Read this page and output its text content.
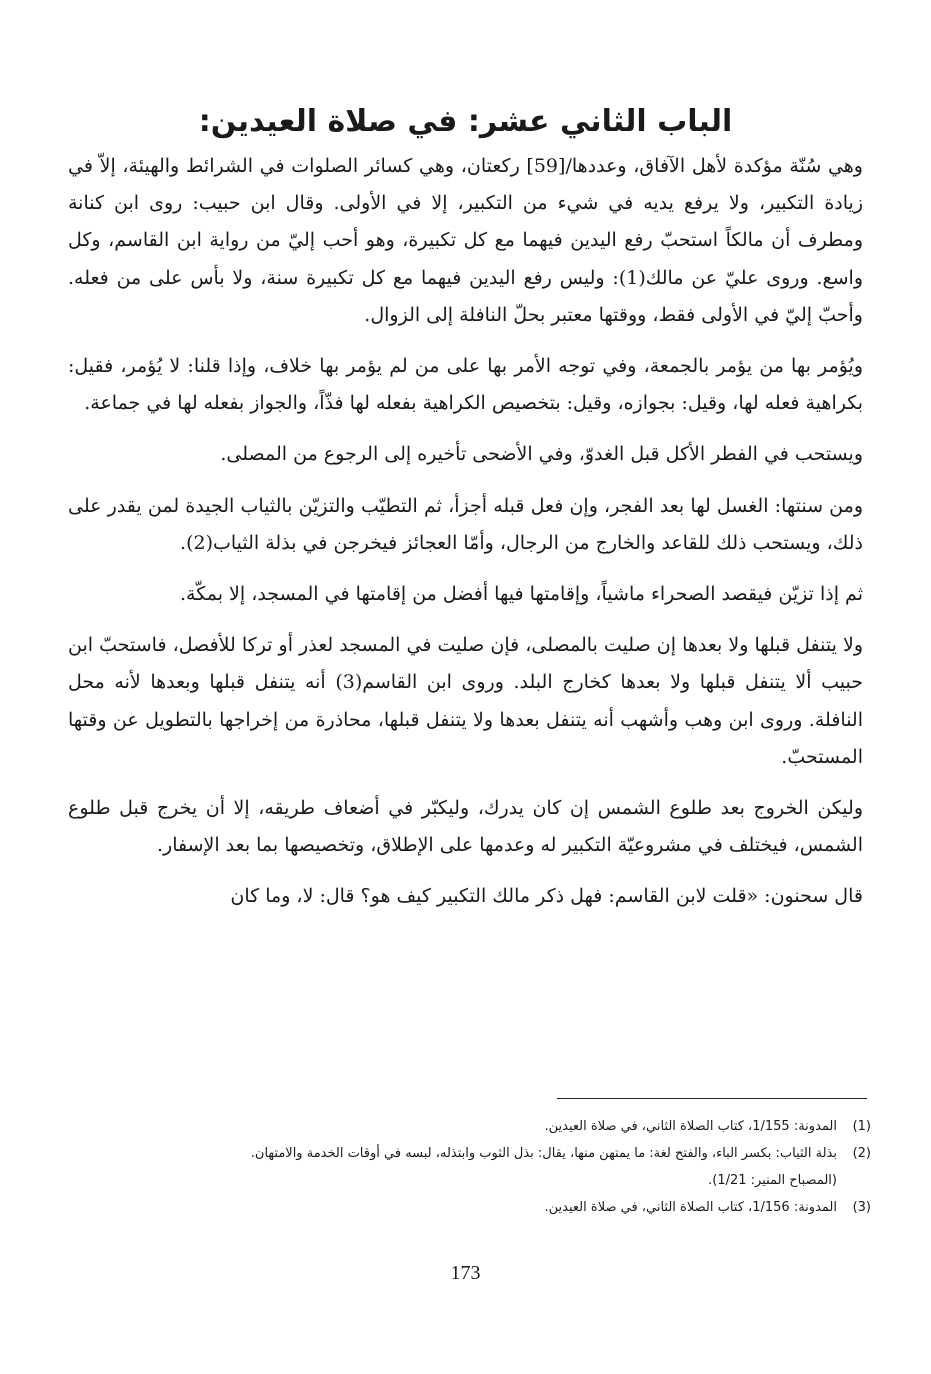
الباب الثاني عشر: في صلاة العيدين:

وهي سُنّة مؤكدة لأهل الآفاق، وعددها/[59] ركعتان، وهي كسائر الصلوات في الشرائط والهيئة، إلاّ في زيادة التكبير، ولا يرفع يديه في شيء من التكبير، إلا في الأولى. وقال ابن حبيب: روى ابن كنانة ومطرف أن مالكاً استحبّ رفع اليدين فيهما مع كل تكبيرة، وهو أحب إليّ من رواية ابن القاسم، وكل واسع. وروى عليّ عن مالك(1): وليس رفع اليدين فيهما مع كل تكبيرة سنة، ولا بأس على من فعله. وأحبّ إليّ في الأولى فقط، ووقتها معتبر بحلّ النافلة إلى الزوال.

ويُؤمر بها من يؤمر بالجمعة، وفي توجه الأمر بها على من لم يؤمر بها خلاف، وإذا قلنا: لا يُؤمر، فقيل: بكراهية فعله لها، وقيل: بجوازه، وقيل: بتخصيص الكراهية بفعله لها فذّاً، والجواز بفعله لها في جماعة.

ويستحب في الفطر الأكل قبل الغدوّ، وفي الأضحى تأخيره إلى الرجوع من المصلى.

ومن سنتها: الغسل لها بعد الفجر، وإن فعل قبله أجزأ، ثم التطيّب والتزيّن بالثياب الجيدة لمن يقدر على ذلك، ويستحب ذلك للقاعد والخارج من الرجال، وأمّا العجائز فيخرجن في بذلة الثياب(2).

ثم إذا تزيّن فيقصد الصحراء ماشياً، وإقامتها فيها أفضل من إقامتها في المسجد، إلا بمكّة.

ولا يتنفل قبلها ولا بعدها إن صليت بالمصلى، فإن صليت في المسجد لعذر أو تركا للأفصل، فاستحبّ ابن حبيب ألا يتنفل قبلها ولا بعدها كخارج البلد. وروى ابن القاسم(3) أنه يتنفل قبلها وبعدها لأنه محل النافلة. وروى ابن وهب وأشهب أنه يتنفل بعدها ولا يتنفل قبلها، محاذرة من إخراجها بالتطويل عن وقتها المستحبّ.

وليكن الخروج بعد طلوع الشمس إن كان يدرك، وليكبّر في أضعاف طريقه، إلا أن يخرج قبل طلوع الشمس، فيختلف في مشروعيّة التكبير له وعدمها على الإطلاق، وتخصيصها بما بعد الإسفار.

قال سحنون: «قلت لابن القاسم: فهل ذكر مالك التكبير كيف هو؟ قال: لا، وما كان

(1)
المدونة: 1/155، كتاب الصلاة الثاني، في صلاة العيدين.
(2)
بذلة الثياب: بكسر الباء، والفتح لغة: ما يمتهن منها، يقال: بذل الثوب وابتذله، لبسه في أوقات الخدمة والامتهان.
(المصباح المنير: 1/21).
(3)
المدونة: 1/156، كتاب الصلاة الثاني، في صلاة العيدين.
173
